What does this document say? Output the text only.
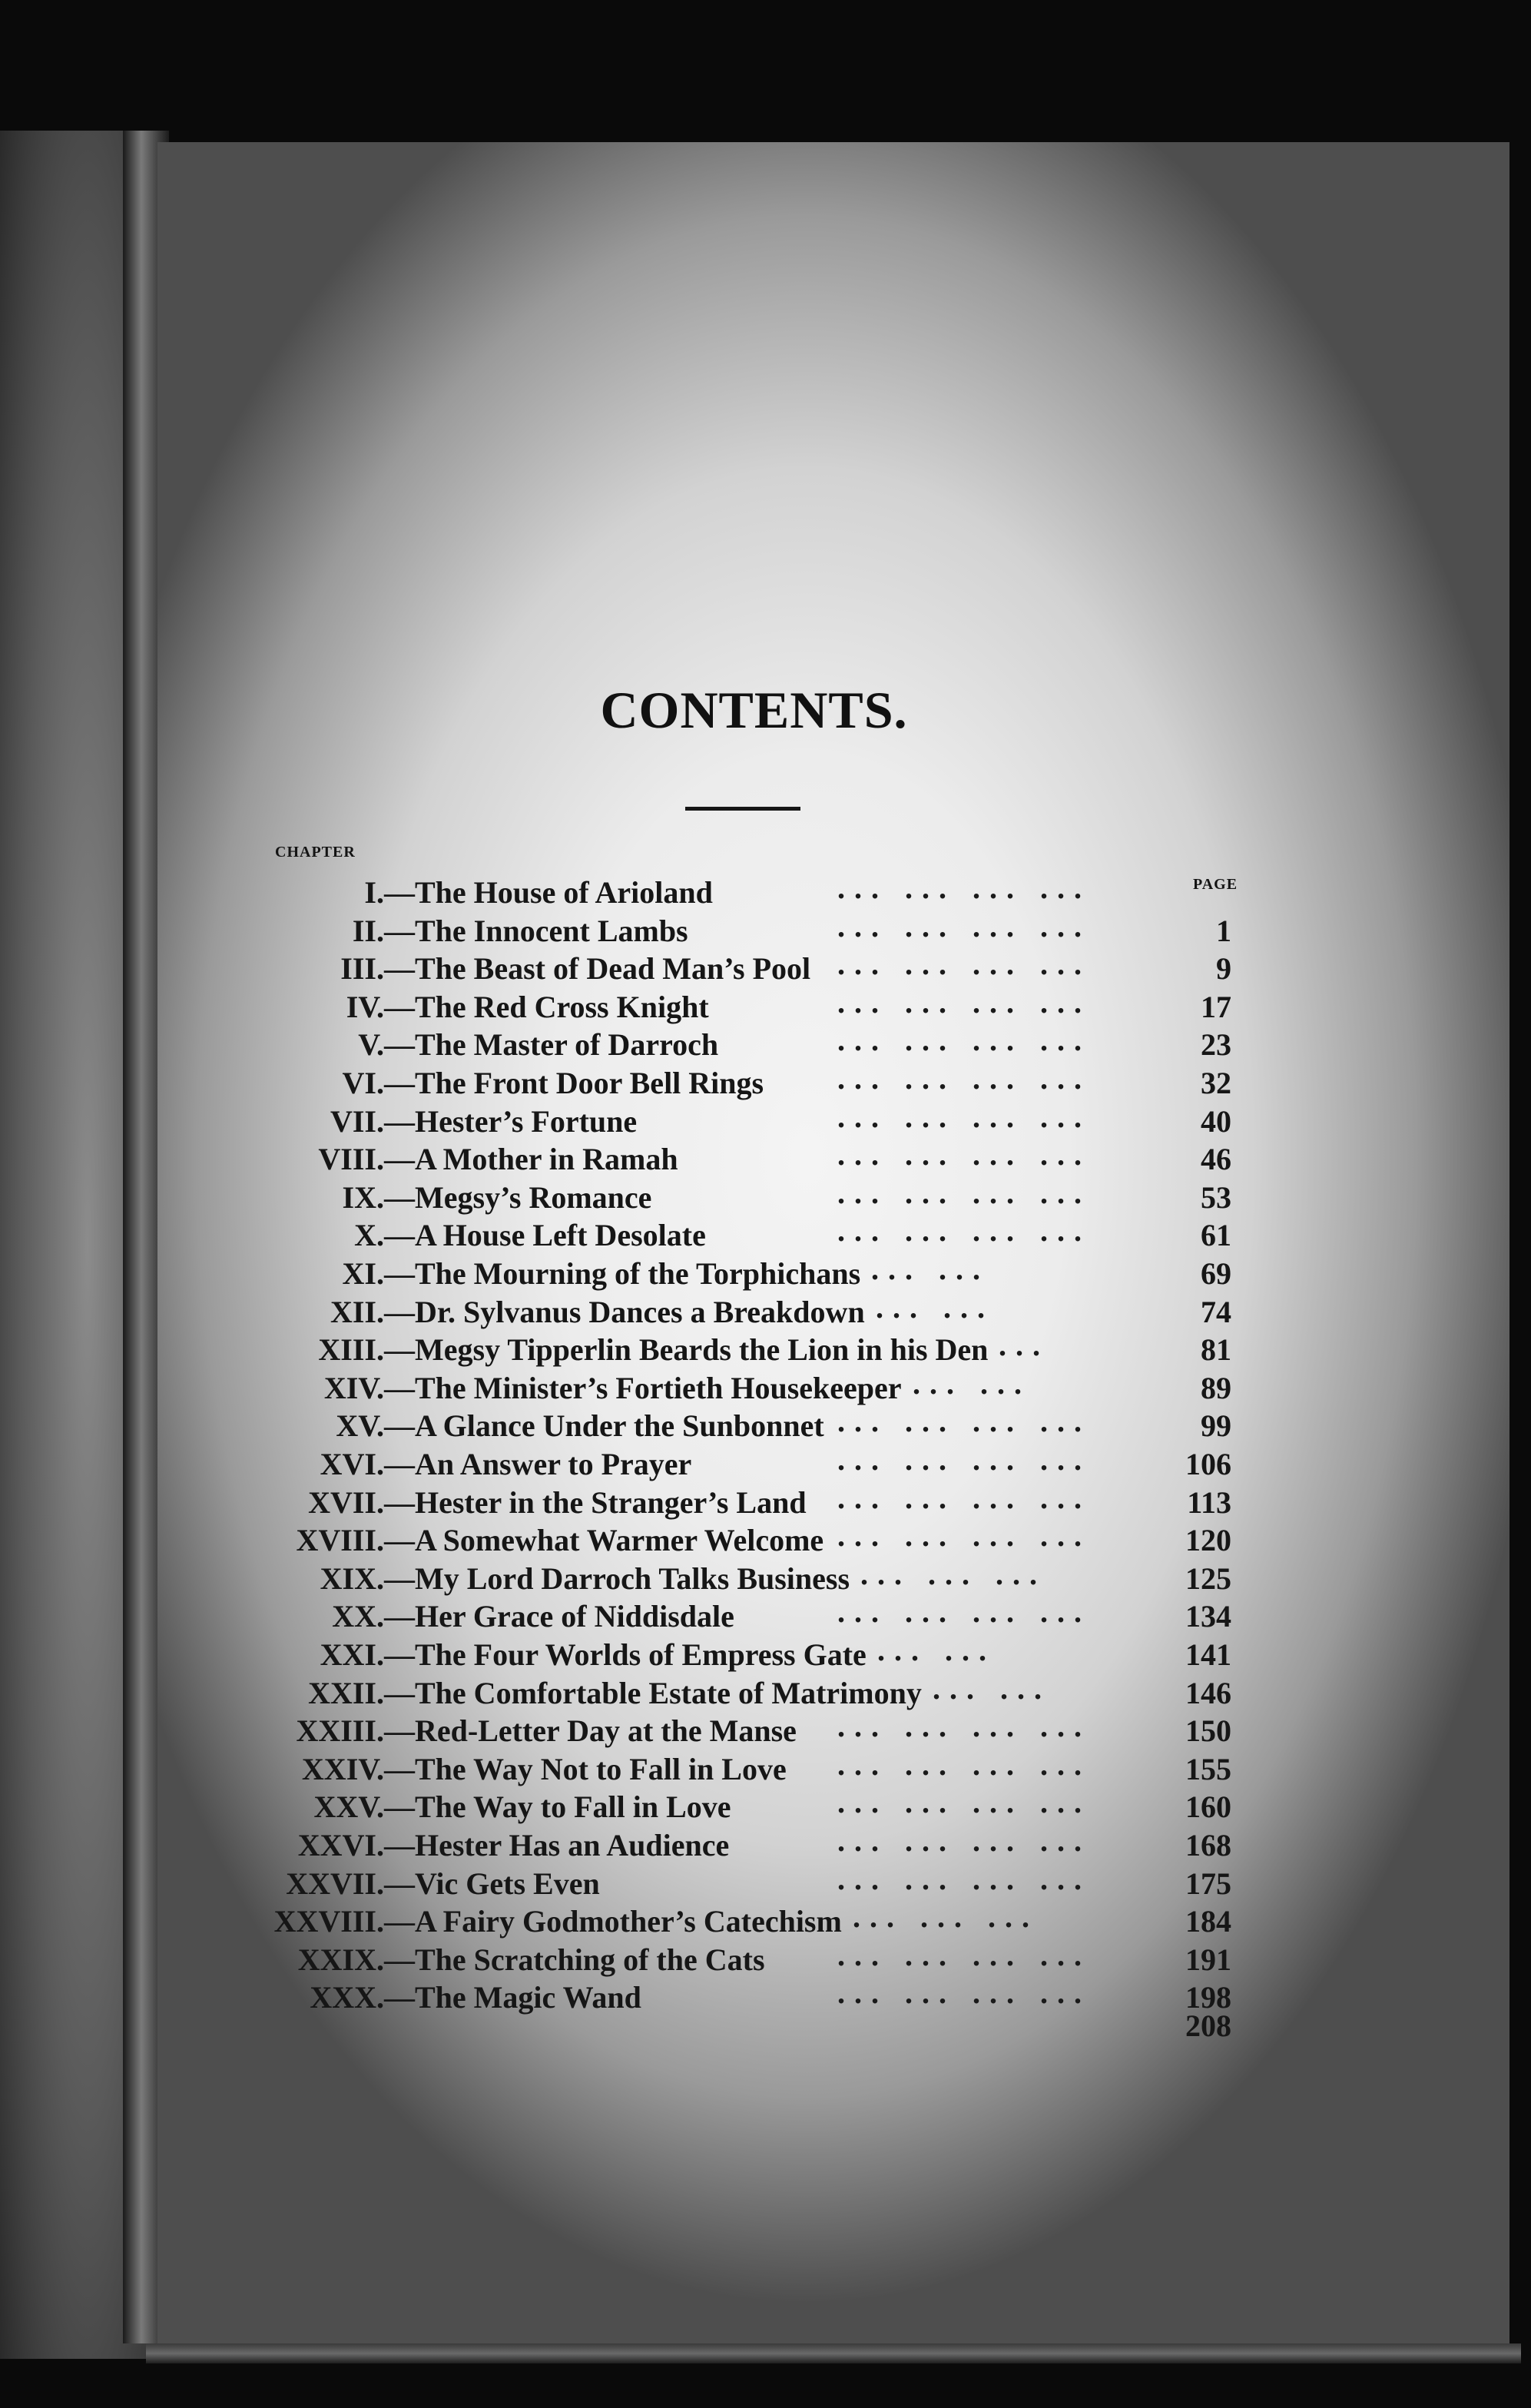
CONTENTS.
CHAPTER
PAGE
I. —The House of Arioland	... ... ... ...
II. —The Innocent Lambs	... ... ... ...	1
III. —The Beast of Dead Man’s Pool ... ... ... ...	9
IV. —The Red Cross Knight	... ... ... ...	17
V. —The Master of Darroch	... ... ... ...	23
VI. —The Front Door Bell Rings ... ... ... ...	32
VII. —Hester’s Fortune	... ... ... ...	40
VIII. —A Mother in Ramah	... ... ... ...	46
IX. —Megsy’s Romance	... ... ... ...	53
X. —A House Left Desolate	... ... ... ...	61
XI. —The Mourning of the Torphichans ... ...	69
XII. —Dr. Sylvanus Dances a Breakdown ... ...	74
XIII. —Megsy Tipperlin Beards the Lion in his Den ...	81
XIV. —The Minister’s Fortieth Housekeeper ... ...	89
XV. —A Glance Under the Sunbonnet ... ... ... ...	99
XVI. —An Answer to Prayer	... ... ... ...	106
XVII. —Hester in the Stranger’s Land ... ... ... ...	113
XVIII. —A Somewhat Warmer Welcome ... ... ... ...	120
XIX. —My Lord Darroch Talks Business ... ... ...	125
XX. —Her Grace of Niddisdale	... ... ... ...	134
XXI. —The Four Worlds of Empress Gate ... ...	141
XXII. —The Comfortable Estate of Matrimony ... ...	146
XXIII. —Red-Letter Day at the Manse ... ... ... ...	150
XXIV. —The Way Not to Fall in Love ... ... ... ...	155
XXV. —The Way to Fall in Love	... ... ... ...	160
XXVI. —Hester Has an Audience	... ... ... ...	168
XXVII. —Vic Gets Even	... ... ... ...	175
XXVIII. —A Fairy Godmother’s Catechism ... ... ...	184
XXIX. —The Scratching of the Cats ... ... ... ...	191
XXX. —The Magic Wand	... ... ... ...	198
208
